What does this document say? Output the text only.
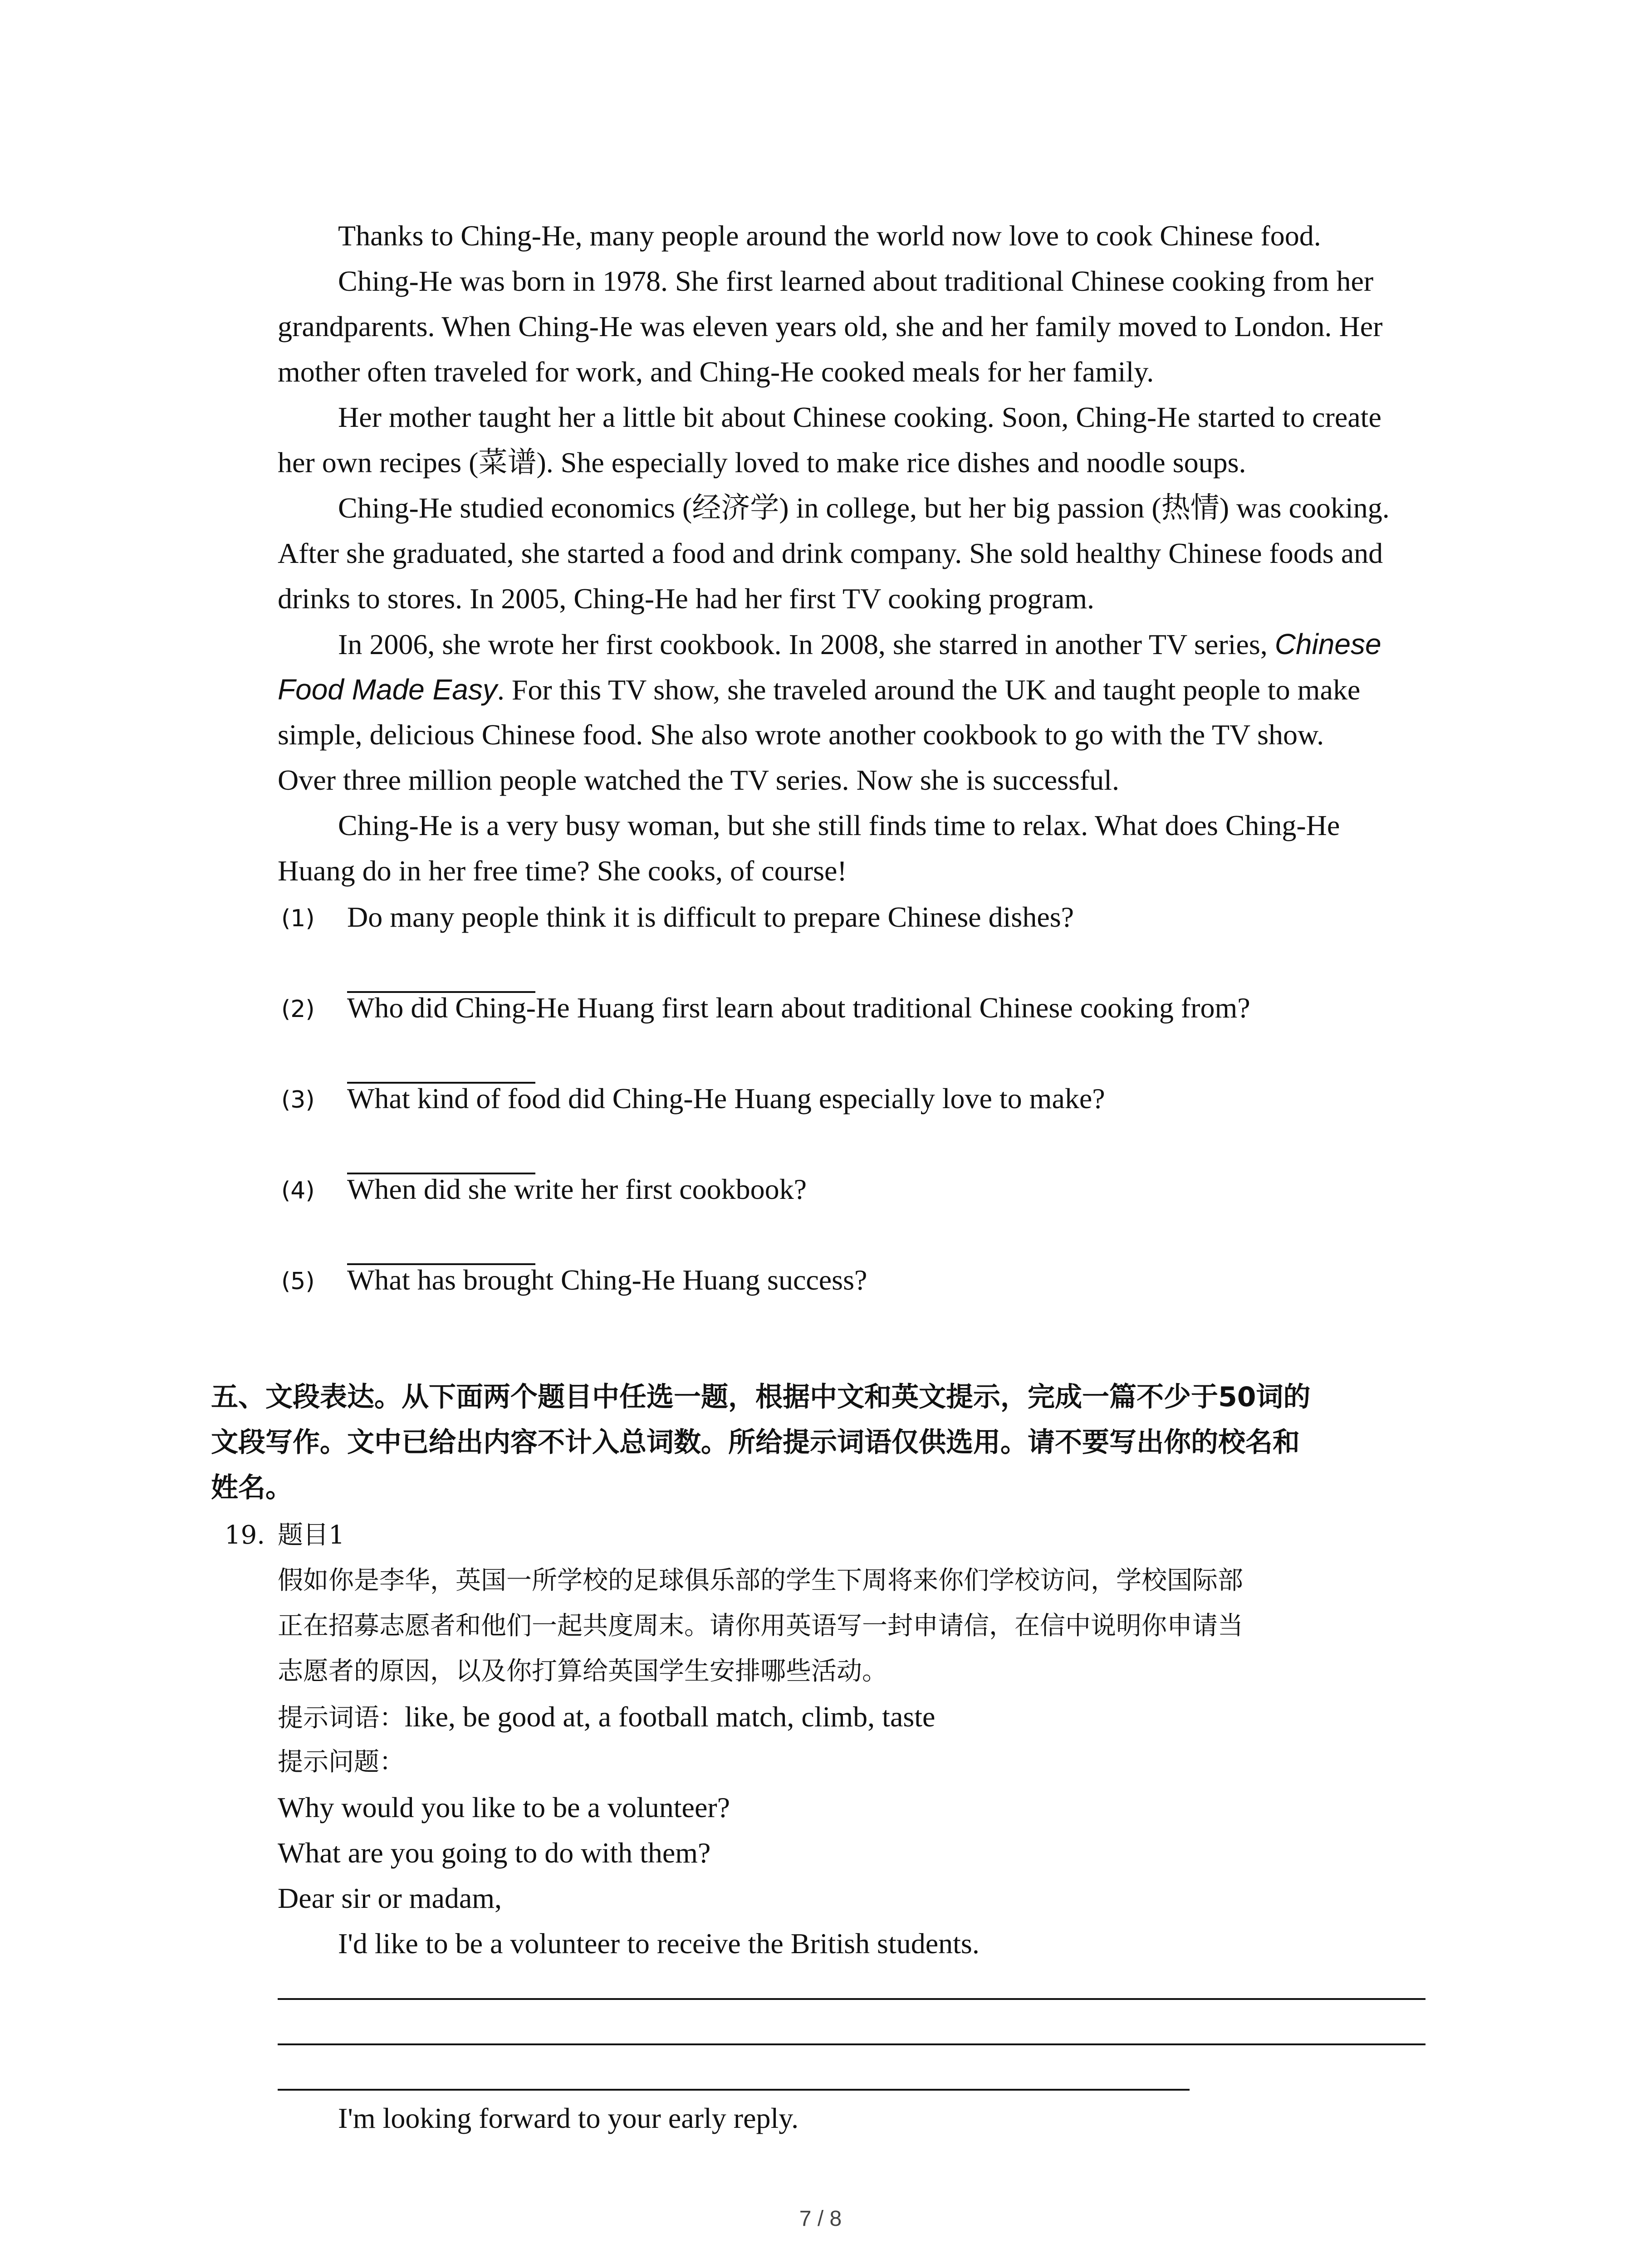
Thanks to Ching-He, many people around the world now love to cook Chinese food.
Ching-He was born in 1978. She first learned about traditional Chinese cooking from her
grandparents. When Ching-He was eleven years old, she and her family moved to London. Her
mother often traveled for work, and Ching-He cooked meals for her family.
Her mother taught her a little bit about Chinese cooking. Soon, Ching-He started to create
her own recipes (菜谱). She especially loved to make rice dishes and noodle soups.
Ching-He studied economics (经济学) in college, but her big passion (热情) was cooking.
After she graduated, she started a food and drink company. She sold healthy Chinese foods and
drinks to stores. In 2005, Ching-He had her first TV cooking program.
In 2006, she wrote her first cookbook. In 2008, she starred in another TV series, Chinese
Food Made Easy. For this TV show, she traveled around the UK and taught people to make
simple, delicious Chinese food. She also wrote another cookbook to go with the TV show.
Over three million people watched the TV series. Now she is successful.
Ching-He is a very busy woman, but she still finds time to relax. What does Ching-He
Huang do in her free time? She cooks, of course!
(1) Do many people think it is difficult to prepare Chinese dishes?
(2) Who did Ching-He Huang first learn about traditional Chinese cooking from?
(3) What kind of food did Ching-He Huang especially love to make?
(4) When did she write her first cookbook?
(5) What has brought Ching-He Huang success?
五、文段表达。从下面两个题目中任选一题，根据中文和英文提示，完成一篇不少于50词的
文段写作。文中已给出内容不计入总词数。所给提示词语仅供选用。请不要写出你的校名和
姓名。
19. 题目1
假如你是李华，英国一所学校的足球俱乐部的学生下周将来你们学校访问，学校国际部
正在招募志愿者和他们一起共度周末。请你用英语写一封申请信，在信中说明你申请当
志愿者的原因，以及你打算给英国学生安排哪些活动。
提示词语：like, be good at, a football match, climb, taste
提示问题：
Why would you like to be a volunteer?
What are you going to do with them?
Dear sir or madam,
I'd like to be a volunteer to receive the British students.
I'm looking forward to your early reply.
7 / 8
